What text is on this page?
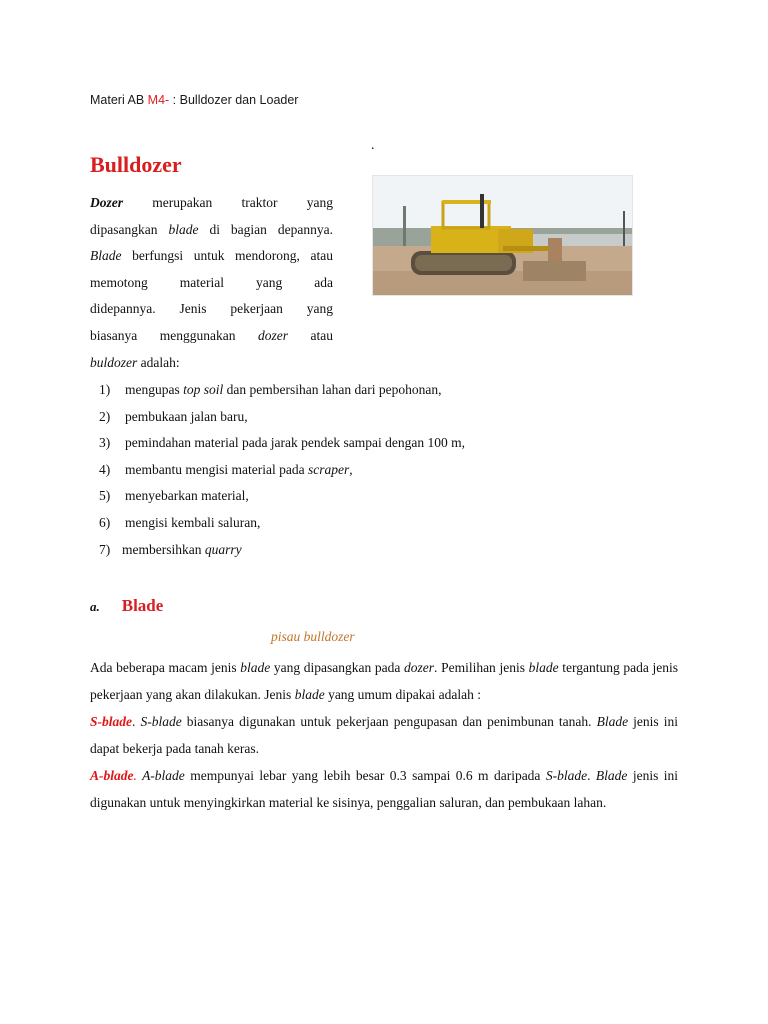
Materi AB M4- : Bulldozer dan Loader
.
Bulldozer
Dozer merupakan traktor yang
dipasangkan blade di bagian depannya.
Blade berfungsi untuk mendorong, atau
memotong material yang ada
didepannya. Jenis pekerjaan yang
biasanya menggunakan dozer atau
buldozer adalah:
1)	mengupas top soil dan pembersihan lahan dari pepohonan,
2)	pembukaan jalan baru,
3)	pemindahan material pada jarak pendek sampai dengan 100 m,
4)	membantu mengisi material pada scraper,
5)	menyebarkan material,
6)	mengisi kembali saluran,
7) membersihkan quarry
a. Blade
pisau bulldozer

Ada beberapa macam jenis blade yang dipasangkan pada dozer. Pemilihan jenis blade tergantung pada jenis pekerjaan yang akan dilakukan. Jenis blade yang umum dipakai adalah :

S-blade. S-blade biasanya digunakan untuk pekerjaan pengupasan dan penimbunan tanah. Blade jenis ini dapat bekerja pada tanah keras.

A-blade. A-blade mempunyai lebar yang lebih besar 0.3 sampai 0.6 m daripada S-blade. Blade jenis ini digunakan untuk menyingkirkan material ke sisinya, penggalian saluran, dan pembukaan lahan.
